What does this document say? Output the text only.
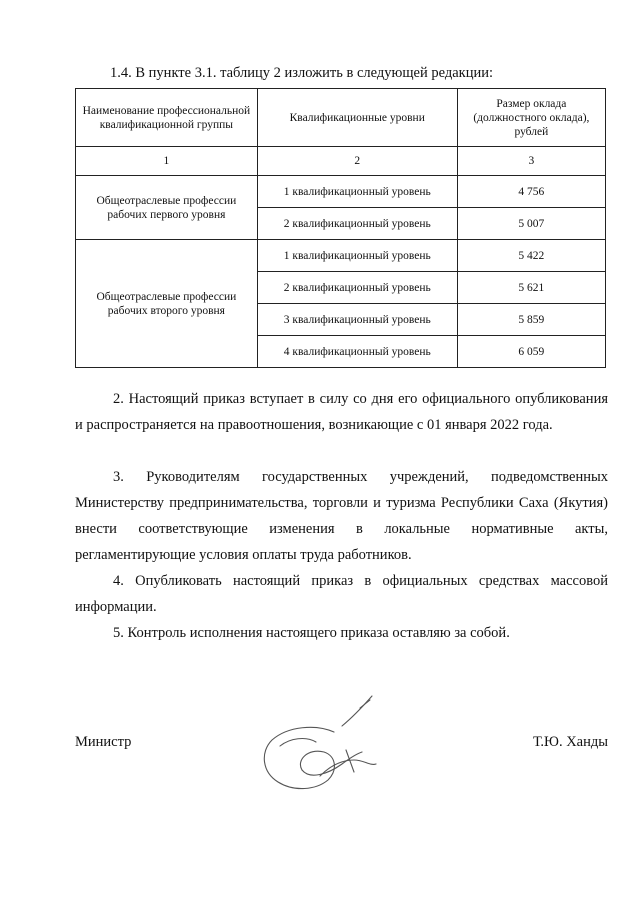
1.4. В пункте 3.1. таблицу 2 изложить в следующей редакции:
Наименование профессиональной квалификационной группы	Квалификационные уровни	Размер оклада (должностного оклада), рублей
1	2	3
Общеотраслевые профессии рабочих первого уровня	1 квалификационный уровень	4 756
	2 квалификационный уровень	5 007
Общеотраслевые профессии рабочих второго уровня	1 квалификационный уровень	5 422
	2 квалификационный уровень	5 621
	3 квалификационный уровень	5 859
	4 квалификационный уровень	6 059

2. Настоящий приказ вступает в силу со дня его официального опубликования и распространяется на правоотношения, возникающие с 01 января 2022 года.

3. Руководителям государственных учреждений, подведомственных Министерству предпринимательства, торговли и туризма Республики Саха (Якутия) внести соответствующие изменения в локальные нормативные акты, регламентирующие условия оплаты труда работников.

4. Опубликовать настоящий приказ в официальных средствах массовой информации.

5. Контроль исполнения настоящего приказа оставляю за собой.

Министр	Т.Ю. Ханды
